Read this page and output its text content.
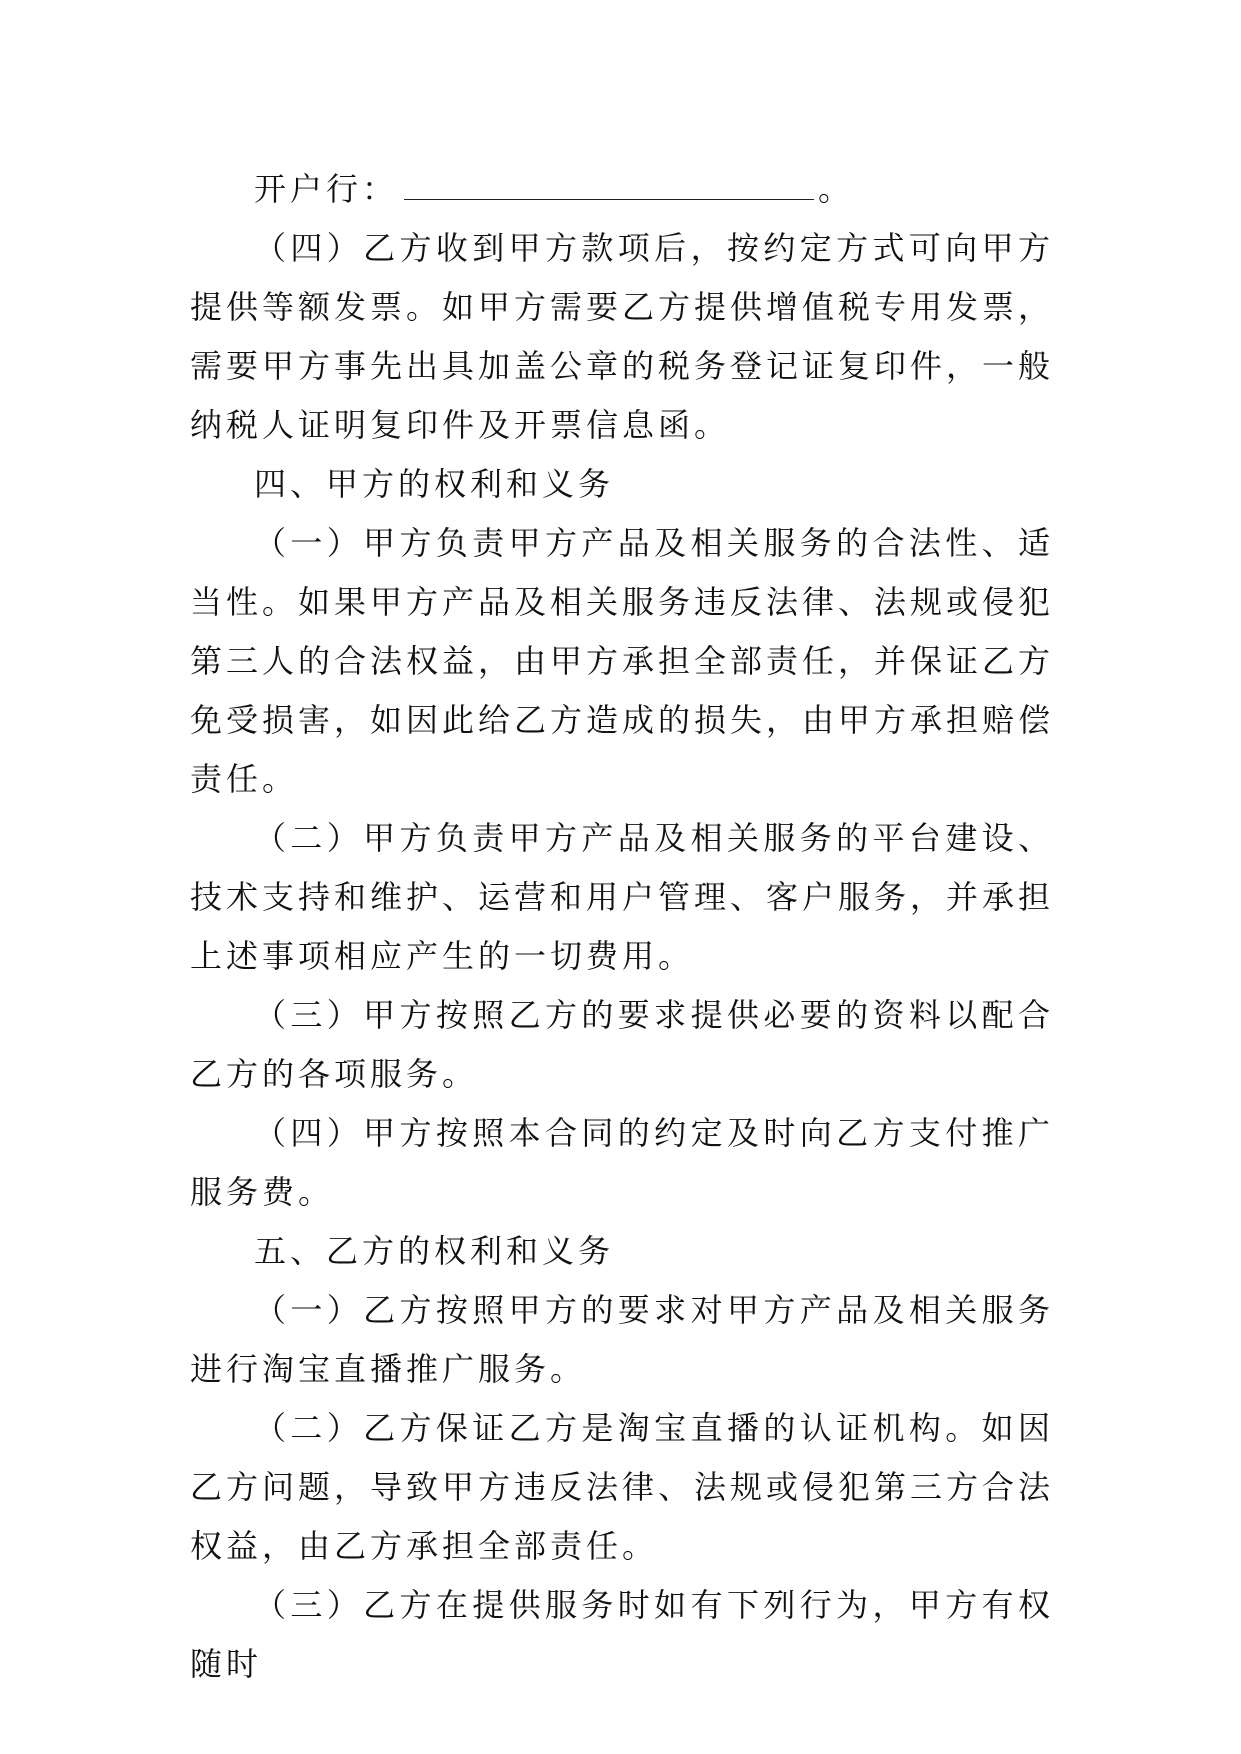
开户行：	。

（四）乙方收到甲方款项后，按约定方式可向甲方提供等额发票。如甲方需要乙方提供增值税专用发票，需要甲方事先出具加盖公章的税务登记证复印件，一般纳税人证明复印件及开票信息函。

四、甲方的权利和义务

（一）甲方负责甲方产品及相关服务的合法性、适当性。如果甲方产品及相关服务违反法律、法规或侵犯第三人的合法权益，由甲方承担全部责任，并保证乙方免受损害，如因此给乙方造成的损失，由甲方承担赔偿责任。

（二）甲方负责甲方产品及相关服务的平台建设、技术支持和维护、运营和用户管理、客户服务，并承担上述事项相应产生的一切费用。

（三）甲方按照乙方的要求提供必要的资料以配合乙方的各项服务。

（四）甲方按照本合同的约定及时向乙方支付推广服务费。

五、乙方的权利和义务

（一）乙方按照甲方的要求对甲方产品及相关服务进行淘宝直播推广服务。

（二）乙方保证乙方是淘宝直播的认证机构。如因乙方问题，导致甲方违反法律、法规或侵犯第三方合法权益，由乙方承担全部责任。

（三）乙方在提供服务时如有下列行为，甲方有权随时
